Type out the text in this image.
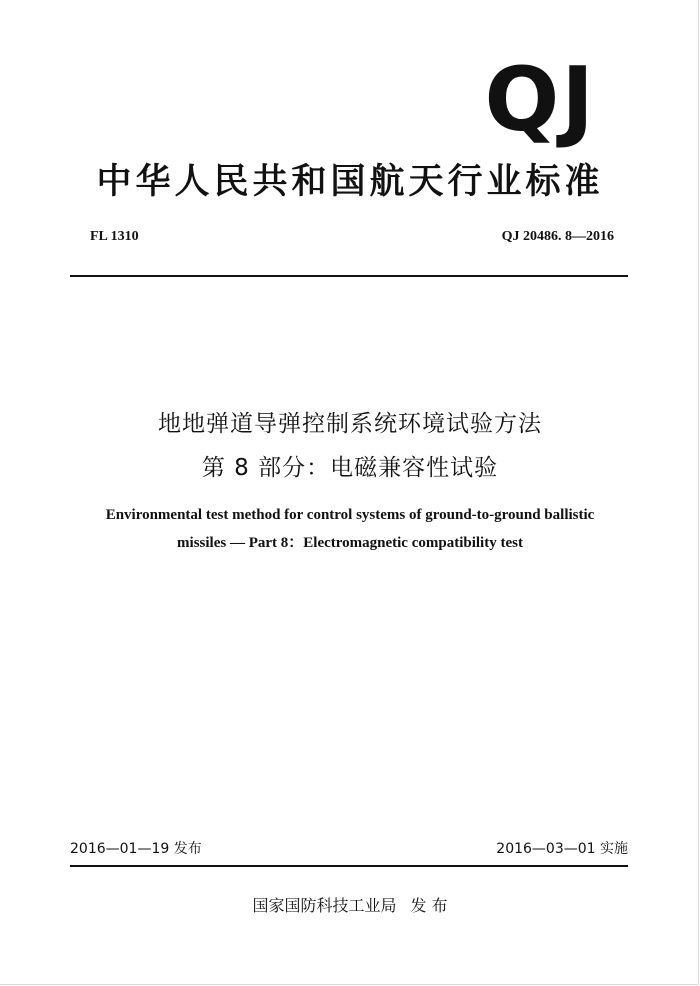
QJ
中华人民共和国航天行业标准
FL 1310	QJ 20486. 8—2016
地地弹道导弹控制系统环境试验方法
第 8 部分：电磁兼容性试验
Environmental test method for control systems of ground-to-ground ballistic
missiles — Part 8：Electromagnetic compatibility test
2016—01—19 发布	2016—03—01 实施
国家国防科技工业局 发 布
